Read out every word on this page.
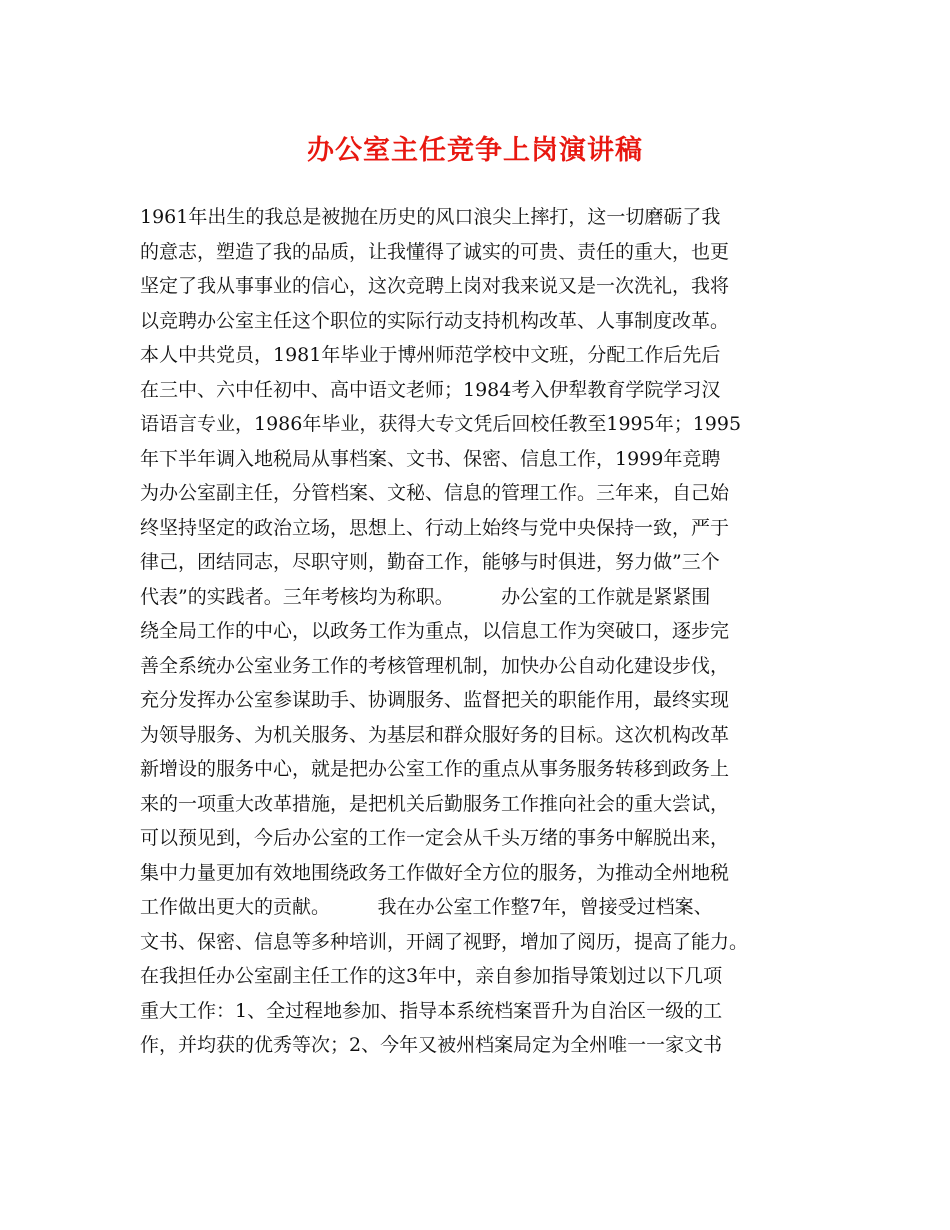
办公室主任竞争上岗演讲稿
1961年出生的我总是被抛在历史的风口浪尖上摔打，这一切磨砺了我
的意志，塑造了我的品质，让我懂得了诚实的可贵、责任的重大，也更
坚定了我从事事业的信心，这次竞聘上岗对我来说又是一次洗礼，我将
以竞聘办公室主任这个职位的实际行动支持机构改革、人事制度改革。
本人中共党员，1981年毕业于博州师范学校中文班，分配工作后先后
在三中、六中任初中、高中语文老师；1984考入伊犁教育学院学习汉
语语言专业，1986年毕业，获得大专文凭后回校任教至1995年；1995
年下半年调入地税局从事档案、文书、保密、信息工作，1999年竞聘
为办公室副主任，分管档案、文秘、信息的管理工作。三年来，自己始
终坚持坚定的政治立场，思想上、行动上始终与党中央保持一致，严于
律己，团结同志，尽职守则，勤奋工作，能够与时俱进，努力做”三个
代表”的实践者。三年考核均为称职。　　　办公室的工作就是紧紧围
绕全局工作的中心，以政务工作为重点，以信息工作为突破口，逐步完
善全系统办公室业务工作的考核管理机制，加快办公自动化建设步伐，
充分发挥办公室参谋助手、协调服务、监督把关的职能作用，最终实现
为领导服务、为机关服务、为基层和群众服好务的目标。这次机构改革
新增设的服务中心，就是把办公室工作的重点从事务服务转移到政务上
来的一项重大改革措施，是把机关后勤服务工作推向社会的重大尝试，
可以预见到，今后办公室的工作一定会从千头万绪的事务中解脱出来，
集中力量更加有效地围绕政务工作做好全方位的服务，为推动全州地税
工作做出更大的贡献。　　　我在办公室工作整7年，曾接受过档案、
文书、保密、信息等多种培训，开阔了视野，增加了阅历，提高了能力。
在我担任办公室副主任工作的这3年中，亲自参加指导策划过以下几项
重大工作：1、全过程地参加、指导本系统档案晋升为自治区一级的工
作，并均获的优秀等次；2、今年又被州档案局定为全州唯一一家文书
